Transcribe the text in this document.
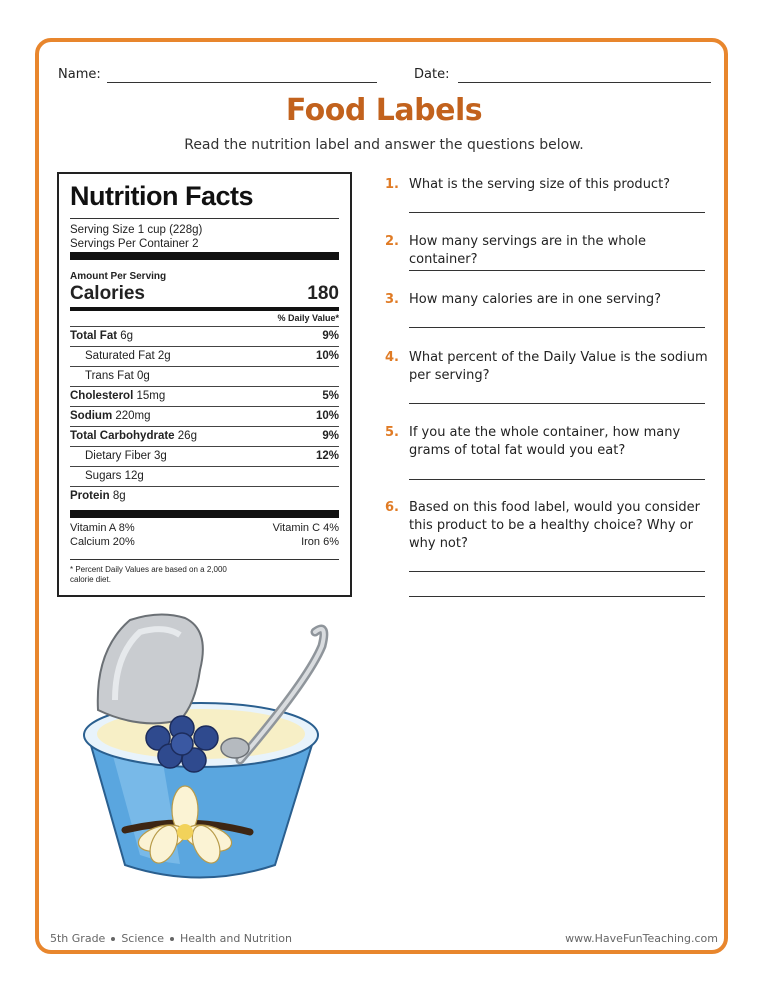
Name:	Date:
Food Labels
Read the nutrition label and answer the questions below.
Nutrition Facts
Serving Size 1 cup (228g)
Servings Per Container 2
Amount Per Serving
Calories	180
% Daily Value*
Total Fat 6g	9%
Saturated Fat 2g	10%
Trans Fat 0g
Cholesterol 15mg	5%
Sodium 220mg	10%
Total Carbohydrate 26g	9%
Dietary Fiber 3g	12%
Sugars 12g
Protein 8g
Vitamin A 8%	Vitamin C 4%
Calcium 20%	Iron 6%
* Percent Daily Values are based on a 2,000 calorie diet.
1. What is the serving size of this product?
2. How many servings are in the whole container?
3. How many calories are in one serving?
4. What percent of the Daily Value is the sodium per serving?
5. If you ate the whole container, how many grams of total fat would you eat?
6. Based on this food label, would you consider this product to be a healthy choice? Why or why not?
5th Grade Science Health and Nutrition	www.HaveFunTeaching.com
